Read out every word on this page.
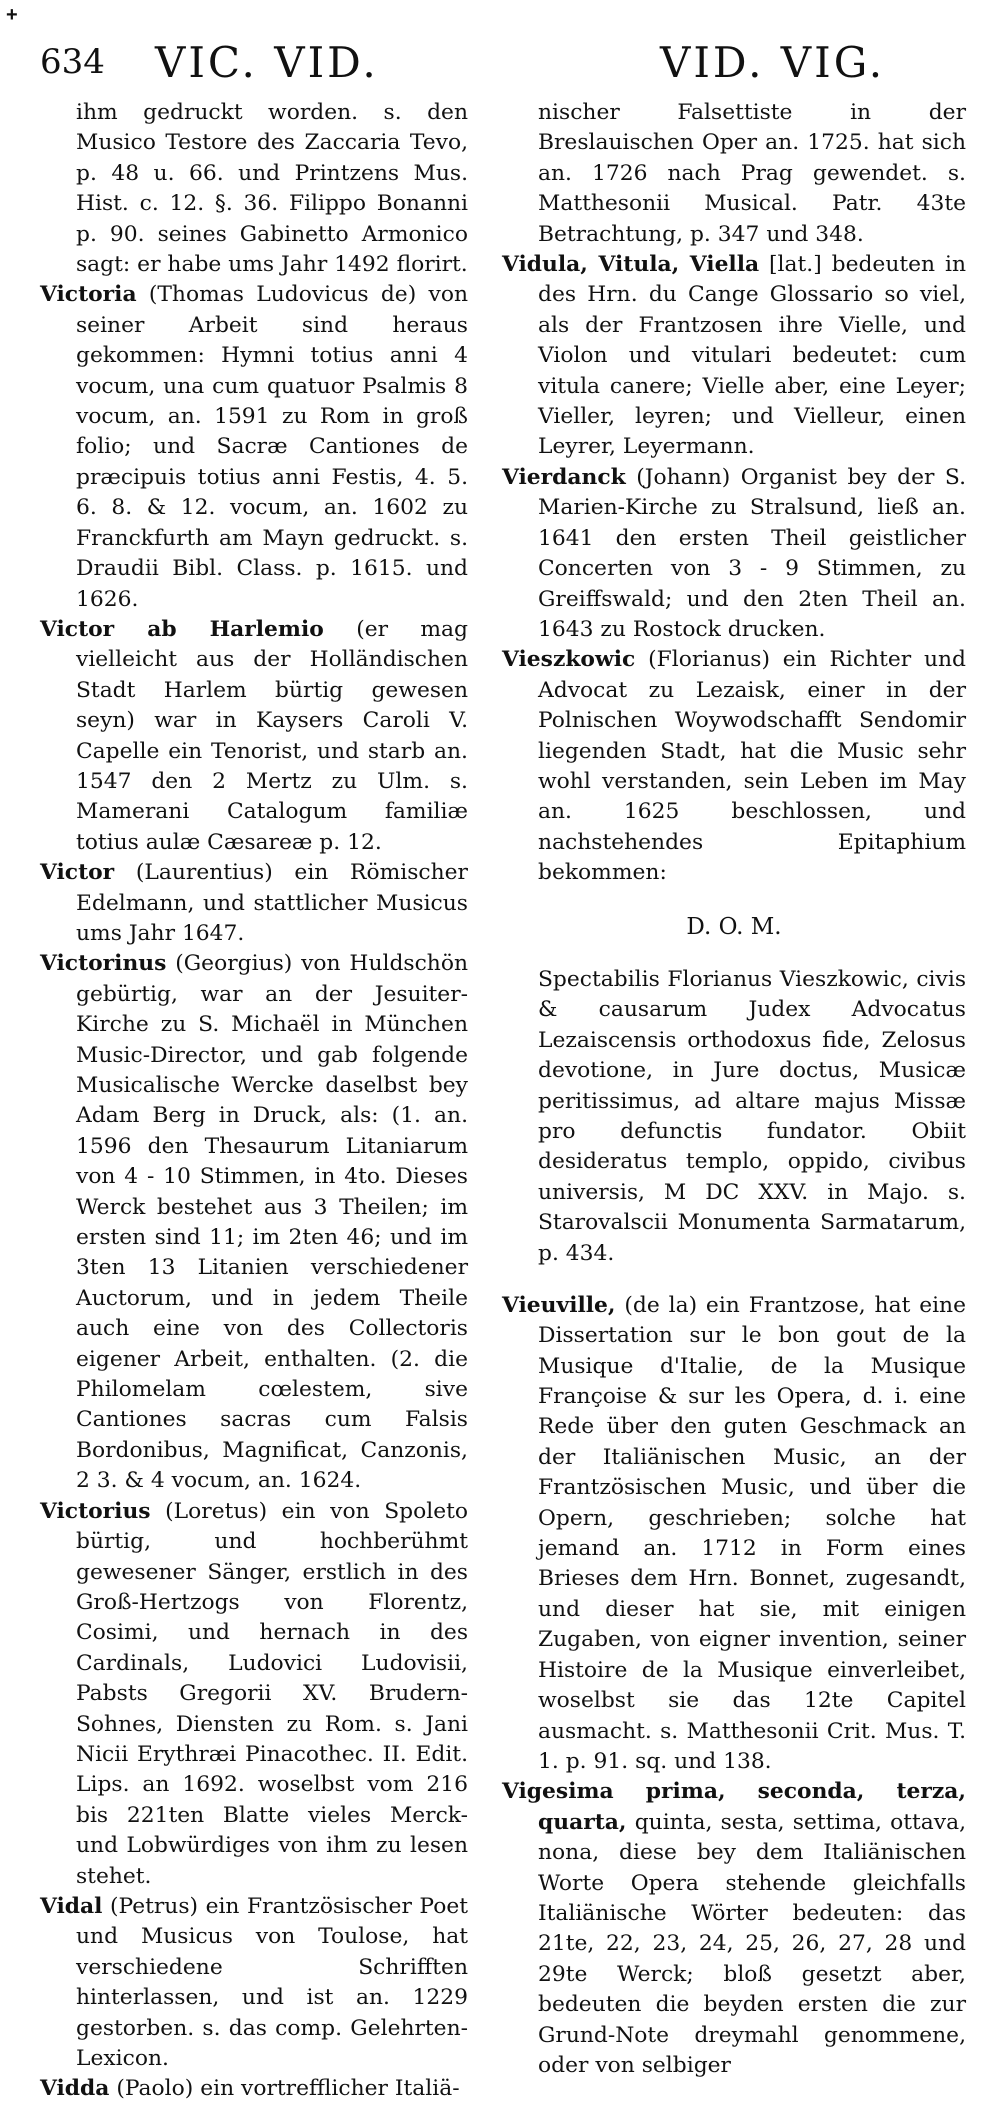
+
634 VIC. VID.	VID. VIG.

ihm gedruckt worden. s. den Musico Testore des Zaccaria Tevo, p. 48 u. 66. und Printzens Mus. Hist. c. 12. §. 36. Filippo Bonanni p. 90. seines Gabinetto Armonico sagt: er habe ums Jahr 1492 florirt.

Victoria (Thomas Ludovicus de) von seiner Arbeit sind heraus gekommen: Hymni totius anni 4 vocum, una cum quatuor Psalmis 8 vocum, an. 1591 zu Rom in groß folio; und Sacræ Cantiones de præcipuis totius anni Festis, 4. 5. 6. 8. & 12. vocum, an. 1602 zu Franckfurth am Mayn gedruckt. s. Draudii Bibl. Class. p. 1615. und 1626.

Victor ab Harlemio (er mag vielleicht aus der Holländischen Stadt Harlem bürtig gewesen seyn) war in Kaysers Caroli V. Capelle ein Tenorist, und starb an. 1547 den 2 Mertz zu Ulm. s. Mamerani Catalogum familiæ totius aulæ Cæsareæ p. 12.

Victor (Laurentius) ein Römischer Edelmann, und stattlicher Musicus ums Jahr 1647.

Victorinus (Georgius) von Huldschön gebürtig, war an der Jesuiter-Kirche zu S. Michaël in München Music-Director, und gab folgende Musicalische Wercke daselbst bey Adam Berg in Druck, als: (1. an. 1596 den Thesaurum Litaniarum von 4 - 10 Stimmen, in 4to. Dieses Werck bestehet aus 3 Theilen; im ersten sind 11; im 2ten 46; und im 3ten 13 Litanien verschiedener Auctorum, und in jedem Theile auch eine von des Collectoris eigener Arbeit, enthalten. (2. die Philomelam cœlestem, sive Cantiones sacras cum Falsis Bordonibus, Magnificat, Canzonis, 2 3. & 4 vocum, an. 1624.

Victorius (Loretus) ein von Spoleto bürtig, und hochberühmt gewesener Sänger, erstlich in des Groß-Hertzogs von Florentz, Cosimi, und hernach in des Cardinals, Ludovici Ludovisii, Pabsts Gregorii XV. Brudern-Sohnes, Diensten zu Rom. s. Jani Nicii Erythræi Pinacothec. II. Edit. Lips. an 1692. woselbst vom 216 bis 221ten Blatte vieles Merck- und Lobwürdiges von ihm zu lesen stehet.

Vidal (Petrus) ein Frantzösischer Poet und Musicus von Toulose, hat verschiedene Schrifften hinterlassen, und ist an. 1229 gestorben. s. das comp. Gelehrten-Lexicon.

Vidda (Paolo) ein vortrefflicher Italiä-

nischer Falsettiste in der Breslauischen Oper an. 1725. hat sich an. 1726 nach Prag gewendet. s. Matthesonii Musical. Patr. 43te Betrachtung, p. 347 und 348.

Vidula, Vitula, Viella [lat.] bedeuten in des Hrn. du Cange Glossario so viel, als der Frantzosen ihre Vielle, und Violon und vitulari bedeutet: cum vitula canere; Vielle aber, eine Leyer; Vieller, leyren; und Vielleur, einen Leyrer, Leyermann.

Vierdanck (Johann) Organist bey der S. Marien-Kirche zu Stralsund, ließ an. 1641 den ersten Theil geistlicher Concerten von 3 - 9 Stimmen, zu Greiffswald; und den 2ten Theil an. 1643 zu Rostock drucken.

Vieszkowic (Florianus) ein Richter und Advocat zu Lezaisk, einer in der Polnischen Woywodschafft Sendomir liegenden Stadt, hat die Music sehr wohl verstanden, sein Leben im May an. 1625 beschlossen, und nachstehendes Epitaphium bekommen:

D. O. M.

Spectabilis Florianus Vieszkowic, civis & causarum Judex Advocatus Lezaiscensis orthodoxus fide, Zelosus devotione, in Jure doctus, Musicæ peritissimus, ad altare majus Missæ pro defunctis fundator. Obiit desideratus templo, oppido, civibus universis, M DC XXV. in Majo. s. Starovalscii Monumenta Sarmatarum, p. 434.

Vieuville, (de la) ein Frantzose, hat eine Dissertation sur le bon gout de la Musique d'Italie, de la Musique Françoise & sur les Opera, d. i. eine Rede über den guten Geschmack an der Italiänischen Music, an der Frantzösischen Music, und über die Opern, geschrieben; solche hat jemand an. 1712 in Form eines Brieses dem Hrn. Bonnet, zugesandt, und dieser hat sie, mit einigen Zugaben, von eigner invention, seiner Histoire de la Musique einverleibet, woselbst sie das 12te Capitel ausmacht. s. Matthesonii Crit. Mus. T. 1. p. 91. sq. und 138.

Vigesima prima, seconda, terza, quarta, quinta, sesta, settima, ottava, nona, diese bey dem Italiänischen Worte Opera stehende gleichfalls Italiänische Wörter bedeuten: das 21te, 22, 23, 24, 25, 26, 27, 28 und 29te Werck; bloß gesetzt aber, bedeuten die beyden ersten die zur Grund-Note dreymahl genommene, oder von selbiger
